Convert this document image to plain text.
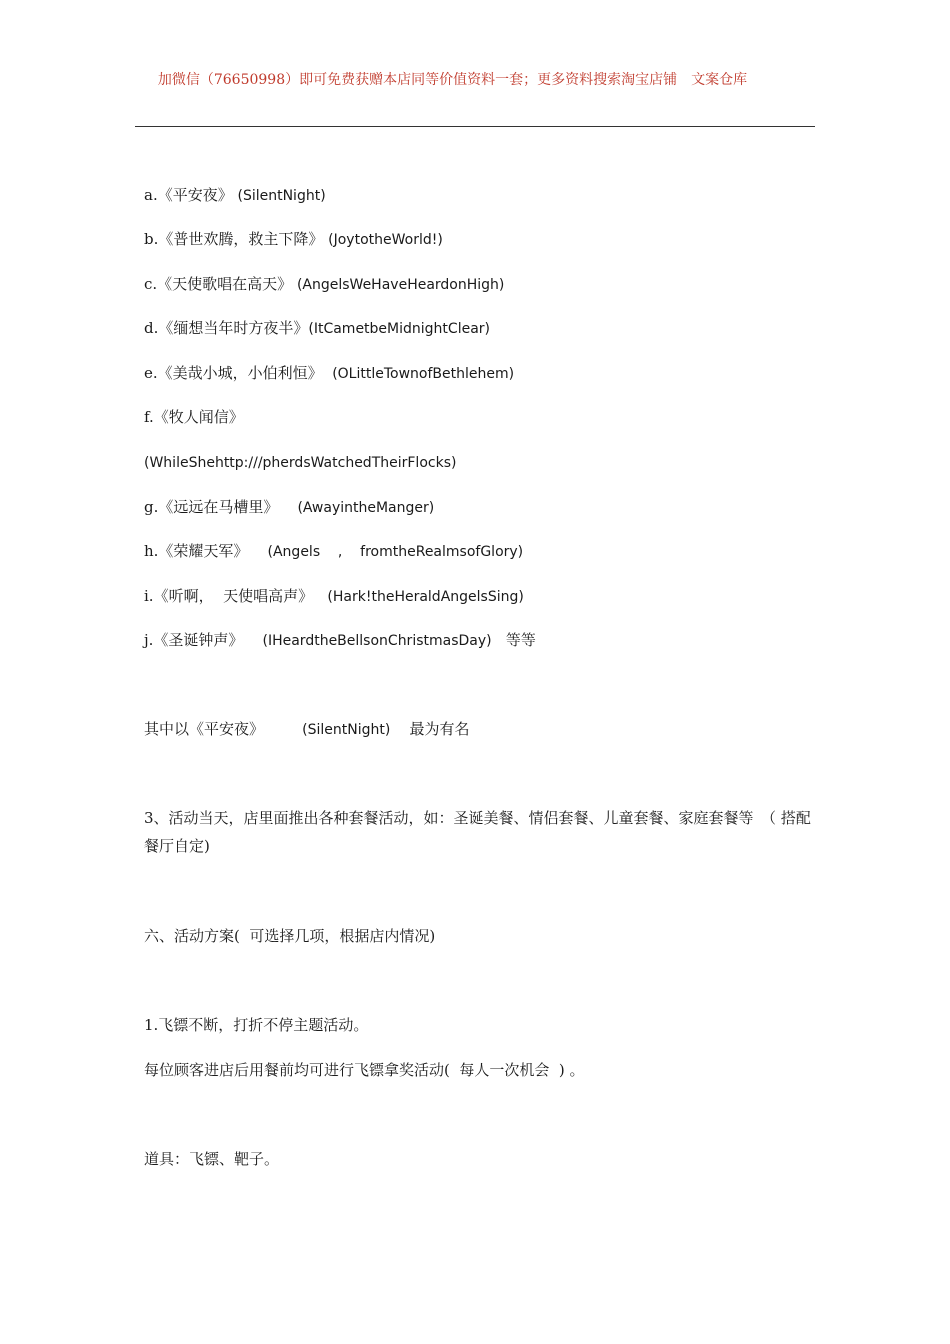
加微信（76650998）即可免费获赠本店同等价值资料一套；更多资料搜索淘宝店铺　文案仓库
a.《平安夜》 (SilentNight)
b.《普世欢腾，救主下降》 (JoytotheWorld!)
c.《天使歌唱在高天》 (AngelsWeHaveHeardonHigh)
d.《缅想当年时方夜半》(ItCametbeMidnightClear)
e.《美哉小城，小伯利恒》  (OLittleTownofBethlehem)
f.《牧人闻信》
(WhileShehttp:///pherdsWatchedTheirFlocks)
g.《远远在马槽里》    (AwayintheManger)
h.《荣耀天军》    (Angels    ,    fromtheRealmsofGlory)
i.《听啊，  天使唱高声》   (Hark!theHeraldAngelsSing)
j.《圣诞钟声》    (IHeardtheBellsonChristmasDay) 等等
其中以《平安夜》	(SilentNight) 最为有名
3、活动当天，店里面推出各种套餐活动，如：圣诞美餐、情侣套餐、儿童套餐、家庭套餐等　（ 搭配餐厅自定)
六、活动方案(  可选择几项，根据店内情况)
1.飞镖不断，打折不停主题活动。
每位顾客进店后用餐前均可进行飞镖拿奖活动(  每人一次机会  ) 。
道具：飞镖、靶子。
